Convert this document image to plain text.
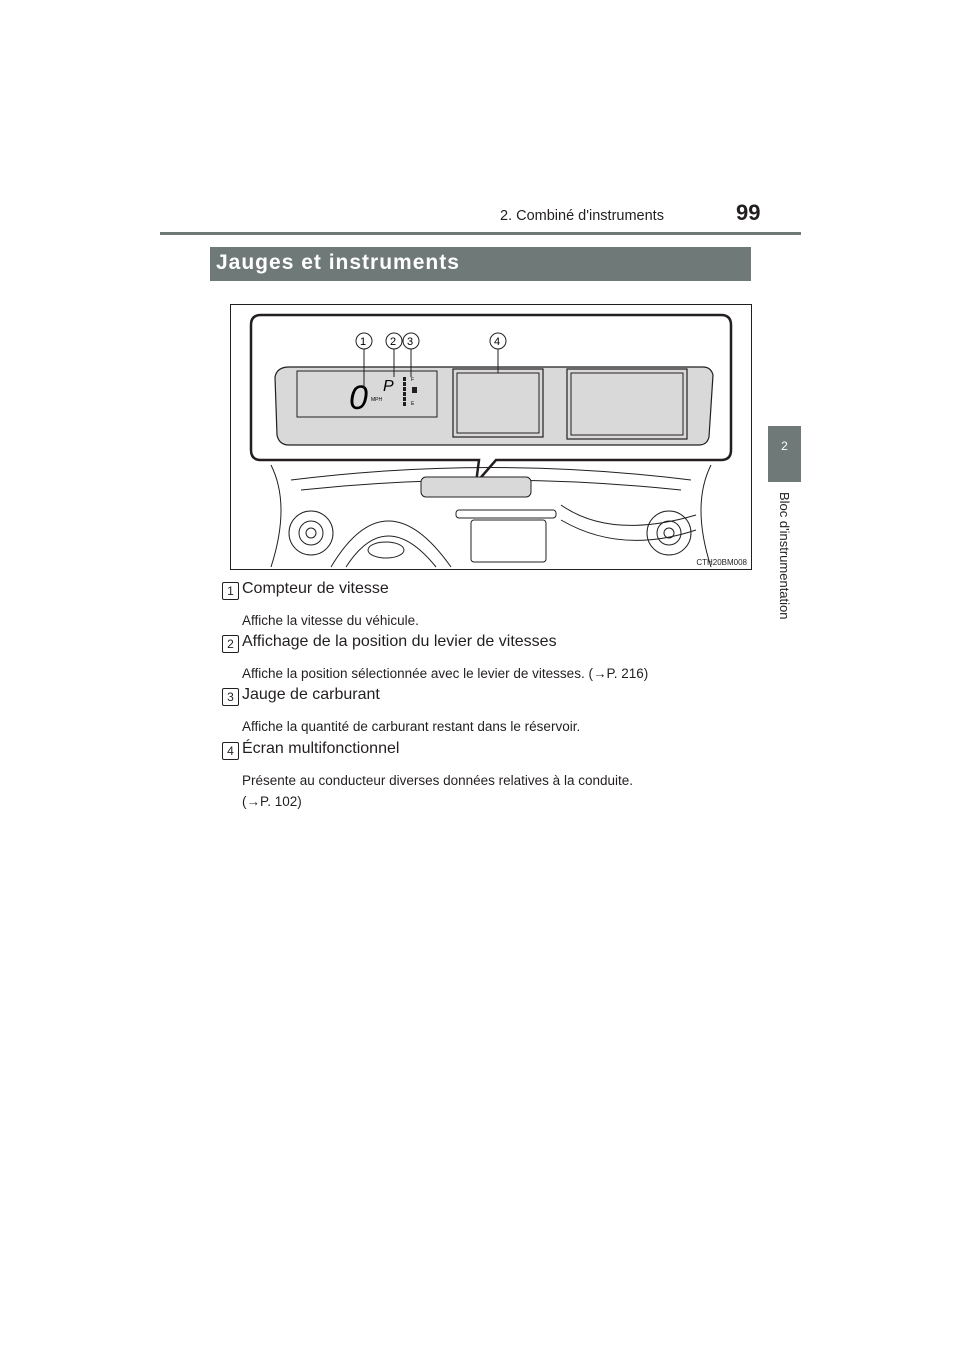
2. Combiné d'instruments	99
2
Bloc d'instrumentation
Jauges et instruments
0 MPH
P	F
E
1 2 3	4
CTH20BM008
1 Compteur de vitesse
Affiche la vitesse du véhicule.
2 Affichage de la position du levier de vitesses
Affiche la position sélectionnée avec le levier de vitesses. (→P. 216)
3 Jauge de carburant
Affiche la quantité de carburant restant dans le réservoir.
4 Écran multifonctionnel
Présente au conducteur diverses données relatives à la conduite.
(→P. 102)
